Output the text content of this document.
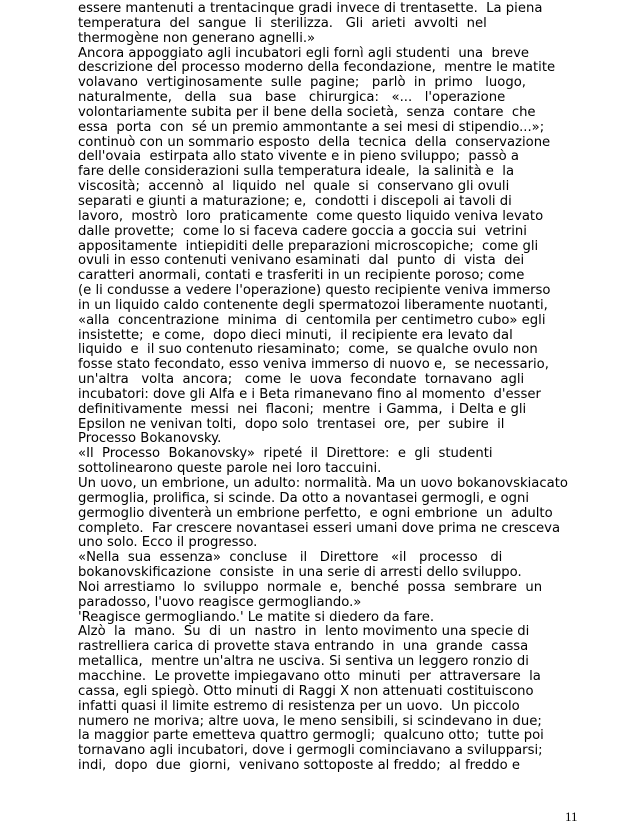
essere mantenuti a trentacinque gradi invece di trentasette.  La piena
temperatura  del  sangue  li  sterilizza.   Gli  arieti  avvolti  nel
thermogène non generano agnelli.»
Ancora appoggiato agli incubatori egli fornì agli studenti  una  breve
descrizione del processo moderno della fecondazione,  mentre le matite
volavano  vertiginosamente  sulle  pagine;   parlò  in  primo   luogo,
naturalmente,   della   sua   base   chirurgica:   «...   l'operazione
volontariamente subita per il bene della società,  senza  contare  che
essa  porta  con  sé un premio ammontante a sei mesi di stipendio...»;
continuò con un sommario esposto  della  tecnica  della  conservazione
dell'ovaia  estirpata allo stato vivente e in pieno sviluppo;  passò a
fare delle considerazioni sulla temperatura ideale,  la salinità e  la
viscosità;  accennò  al  liquido  nel  quale  si  conservano gli ovuli
separati e giunti a maturazione; e,  condotti i discepoli ai tavoli di
lavoro,  mostrò  loro  praticamente  come questo liquido veniva levato
dalle provette;  come lo si faceva cadere goccia a goccia sui  vetrini
appositamente  intiepiditi delle preparazioni microscopiche;  come gli
ovuli in esso contenuti venivano esaminati  dal  punto  di  vista  dei
caratteri anormali, contati e trasferiti in un recipiente poroso; come
(e li condusse a vedere l'operazione) questo recipiente veniva immerso
in un liquido caldo contenente degli spermatozoi liberamente nuotanti,
«alla  concentrazione  minima  di  centomila per centimetro cubo» egli
insistette;  e come,  dopo dieci minuti,  il recipiente era levato dal
liquido  e  il suo contenuto riesaminato;  come,  se qualche ovulo non
fosse stato fecondato, esso veniva immerso di nuovo e,  se necessario,
un'altra   volta  ancora;   come  le  uova  fecondate  tornavano  agli
incubatori: dove gli Alfa e i Beta rimanevano fino al momento  d'esser
definitivamente  messi  nei  flaconi;  mentre  i Gamma,  i Delta e gli
Epsilon ne venivan tolti,  dopo solo  trentasei  ore,  per  subire  il
Processo Bokanovsky.
«Il  Processo  Bokanovsky»  ripeté  il  Direttore:  e  gli  studenti
sottolinearono queste parole nei loro taccuini.
Un uovo, un embrione, un adulto: normalità. Ma un uovo bokanovskiacato
germoglia, prolifica, si scinde. Da otto a novantasei germogli, e ogni
germoglio diventerà un embrione perfetto,  e ogni embrione  un  adulto
completo.  Far crescere novantasei esseri umani dove prima ne cresceva
uno solo. Ecco il progresso.
«Nella  sua  essenza»  concluse   il   Direttore   «il   processo   di
bokanovskificazione  consiste  in una serie di arresti dello sviluppo.
Noi arrestiamo  lo  sviluppo  normale  e,  benché  possa  sembrare  un
paradosso, l'uovo reagisce germogliando.»
'Reagisce germogliando.' Le matite si diedero da fare.
Alzò  la  mano.  Su  di  un  nastro  in  lento movimento una specie di
rastrelliera carica di provette stava entrando  in  una  grande  cassa
metallica,  mentre un'altra ne usciva. Si sentiva un leggero ronzio di
macchine.  Le provette impiegavano otto  minuti  per  attraversare  la
cassa, egli spiegò. Otto minuti di Raggi X non attenuati costituiscono
infatti quasi il limite estremo di resistenza per un uovo.  Un piccolo
numero ne moriva; altre uova, le meno sensibili, si scindevano in due;
la maggior parte emetteva quattro germogli;  qualcuno otto;  tutte poi
tornavano agli incubatori, dove i germogli cominciavano a svilupparsi;
indi,  dopo  due  giorni,  venivano sottoposte al freddo;  al freddo e
11
